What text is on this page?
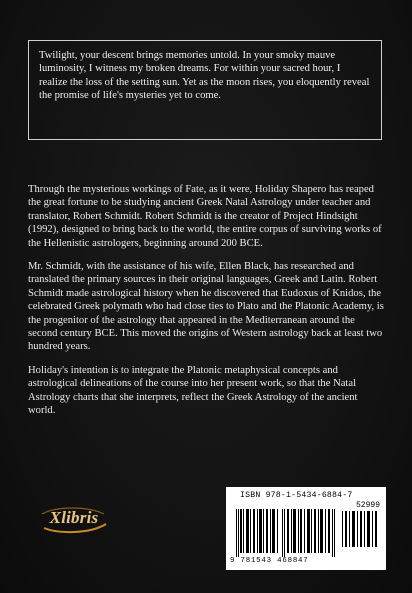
Twilight, your descent brings memories untold. In your smoky mauve luminosity, I witness my broken dreams. For within your sacred hour, I realize the loss of the setting sun. Yet as the moon rises, you eloquently reveal the promise of life's mysteries yet to come.

Through the mysterious workings of Fate, as it were, Holiday Shapero has reaped the great fortune to be studying ancient Greek Natal Astrology under teacher and translator, Robert Schmidt. Robert Schmidt is the creator of Project Hindsight (1992), designed to bring back to the world, the entire corpus of surviving works of the Hellenistic astrologers, beginning around 200 BCE.

Mr. Schmidt, with the assistance of his wife, Ellen Black, has researched and translated the primary sources in their original languages, Greek and Latin. Robert Schmidt made astrological history when he discovered that Eudoxus of Knidos, the celebrated Greek polymath who had close ties to Plato and the Platonic Academy, is the progenitor of the astrology that appeared in the Mediterranean around the second century BCE. This moved the origins of Western astrology back at least two hundred years.

Holiday's intention is to integrate the Platonic metaphysical concepts and astrological delineations of the course into her present work, so that the Natal Astrology charts that she interprets, reflect the Greek Astrology of the ancient world.

Xlibris
ISBN 978-1-5434-6884-7
52999
9 781543 468847
